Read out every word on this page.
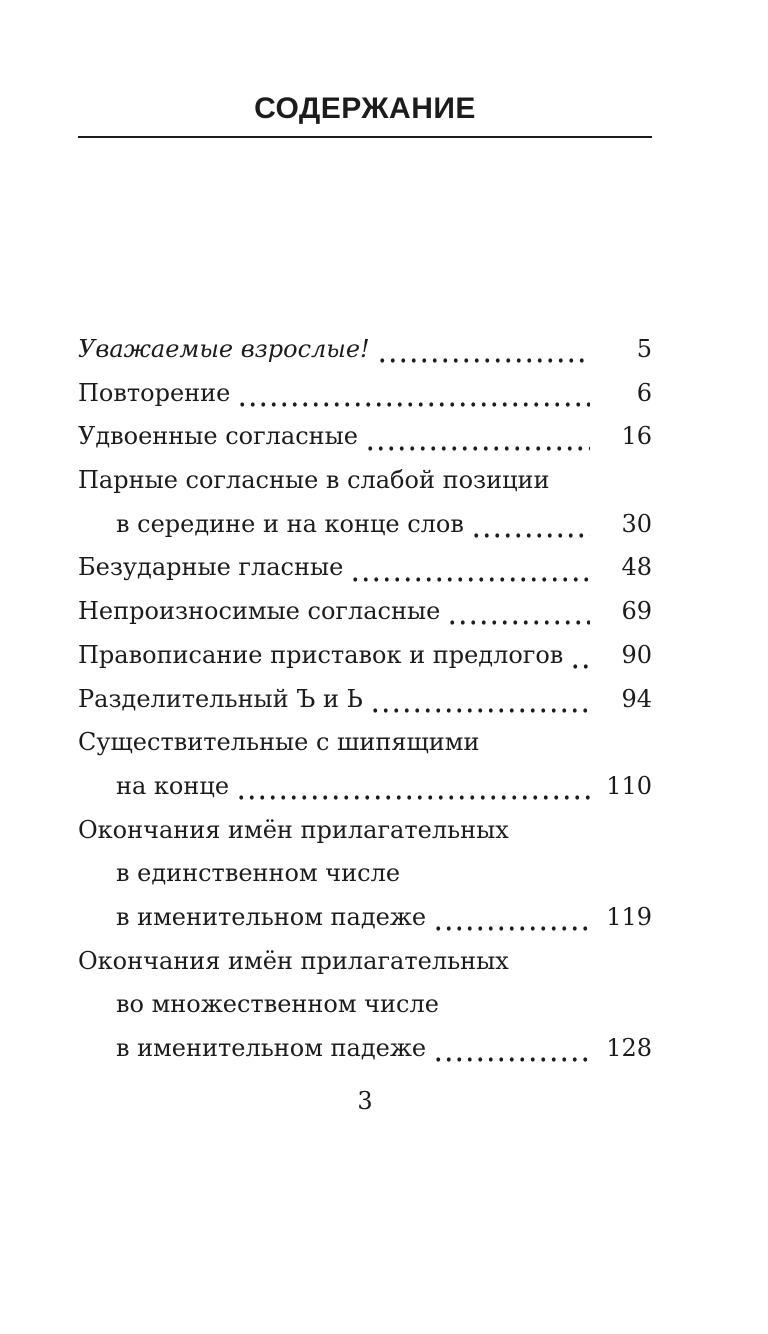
СОДЕРЖАНИЕ
Уважаемые взрослые!	5
Повторение	6
Удвоенные согласные	16
Парные согласные в слабой позиции
в середине и на конце слов	30
Безударные гласные	48
Непроизносимые согласные	69
Правописание приставок и предлогов	90
Разделительный Ъ и Ь	94
Существительные с шипящими
на конце	110
Окончания имён прилагательных
в единственном числе
в именительном падеже	119
Окончания имён прилагательных
во множественном числе
в именительном падеже	128
3
